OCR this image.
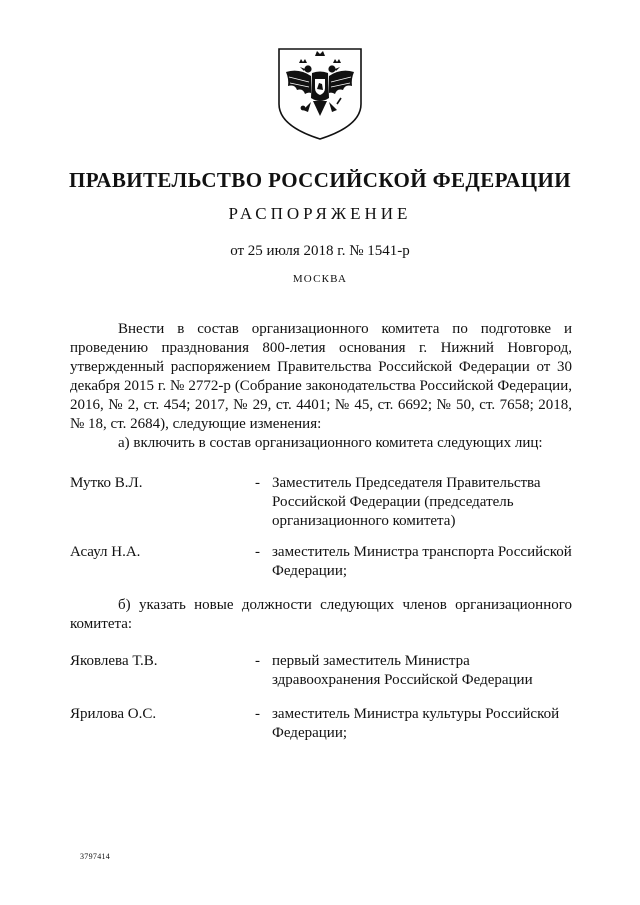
ПРАВИТЕЛЬСТВО РОССИЙСКОЙ ФЕДЕРАЦИИ
РАСПОРЯЖЕНИЕ
от 25 июля 2018 г. № 1541-р
МОСКВА
Внести в состав организационного комитета по подготовке и проведению празднования 800-летия основания г. Нижний Новгород, утвержденный распоряжением Правительства Российской Федерации от 30 декабря 2015 г. № 2772-р (Собрание законодательства Российской Федерации, 2016, № 2, ст. 454; 2017, № 29, ст. 4401; № 45, ст. 6692; № 50, ст. 7658; 2018, № 18, ст. 2684), следующие изменения:
а) включить в состав организационного комитета следующих лиц:
Мутко В.Л.	- Заместитель Председателя Правительства Российской Федерации (председатель организационного комитета)
Асаул Н.А.	- заместитель Министра транспорта Российской Федерации;
б) указать новые должности следующих членов организационного комитета:
Яковлева Т.В.	- первый заместитель Министра здравоохранения Российской Федерации
Ярилова О.С.	- заместитель Министра культуры Российской Федерации;
3797414
